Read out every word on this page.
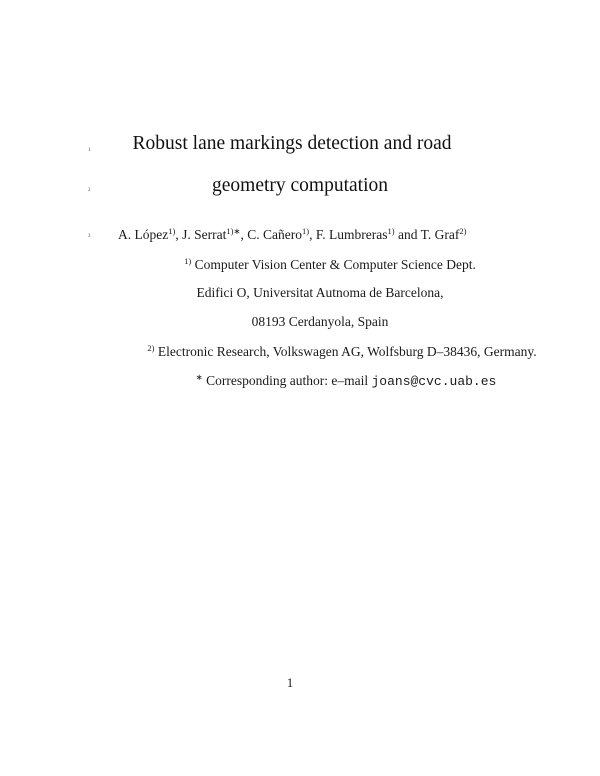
1
2
3
Robust lane markings detection and road
geometry computation
A. López$^{1)}$, J. Serrat$^{1)∗}$, C. Cañero$^{1)}$, F. Lumbreras$^{1)}$ and T. Graf$^{2)}$
$^{1)}$ Computer Vision Center & Computer Science Dept.
Edifici O, Universitat Autnoma de Barcelona,
08193 Cerdanyola, Spain
$^{2)}$ Electronic Research, Volkswagen AG, Wolfsburg D–38436, Germany.
∗ Corresponding author: e–mail joans@cvc.uab.es
1
